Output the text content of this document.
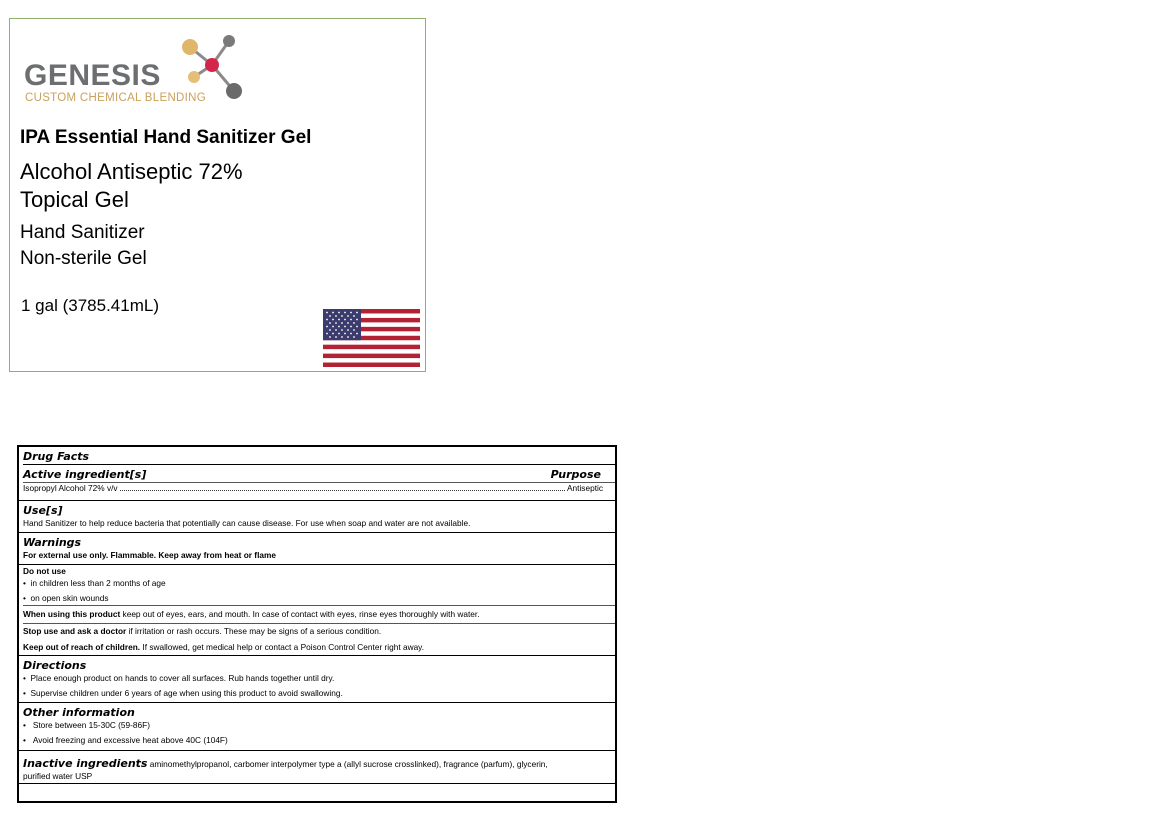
GENESIS
CUSTOM CHEMICAL BLENDING
IPA Essential Hand Sanitizer Gel
Alcohol Antiseptic 72%
Topical Gel
Hand Sanitizer
Non-sterile Gel
1 gal (3785.41mL)
Drug Facts
Active ingredient[s]	Purpose
Isopropyl Alcohol 72% v/v	Antiseptic
Use[s]
Hand Sanitizer to help reduce bacteria that potentially can cause disease. For use when soap and water are not available.
Warnings
For external use only. Flammable. Keep away from heat or flame
Do not use
•  in children less than 2 months of age
•  on open skin wounds
When using this product keep out of eyes, ears, and mouth. In case of contact with eyes, rinse eyes thoroughly with water.
Stop use and ask a doctor if irritation or rash occurs. These may be signs of a serious condition.
Keep out of reach of children. If swallowed, get medical help or contact a Poison Control Center right away.
Directions
•  Place enough product on hands to cover all surfaces. Rub hands together until dry.
•  Supervise children under 6 years of age when using this product to avoid swallowing.
Other information
•   Store between 15-30C (59-86F)
•   Avoid freezing and excessive heat above 40C (104F)
Inactive ingredients aminomethylpropanol, carbomer interpolymer type a (allyl sucrose crosslinked), fragrance (parfum), glycerin,
purified water USP
